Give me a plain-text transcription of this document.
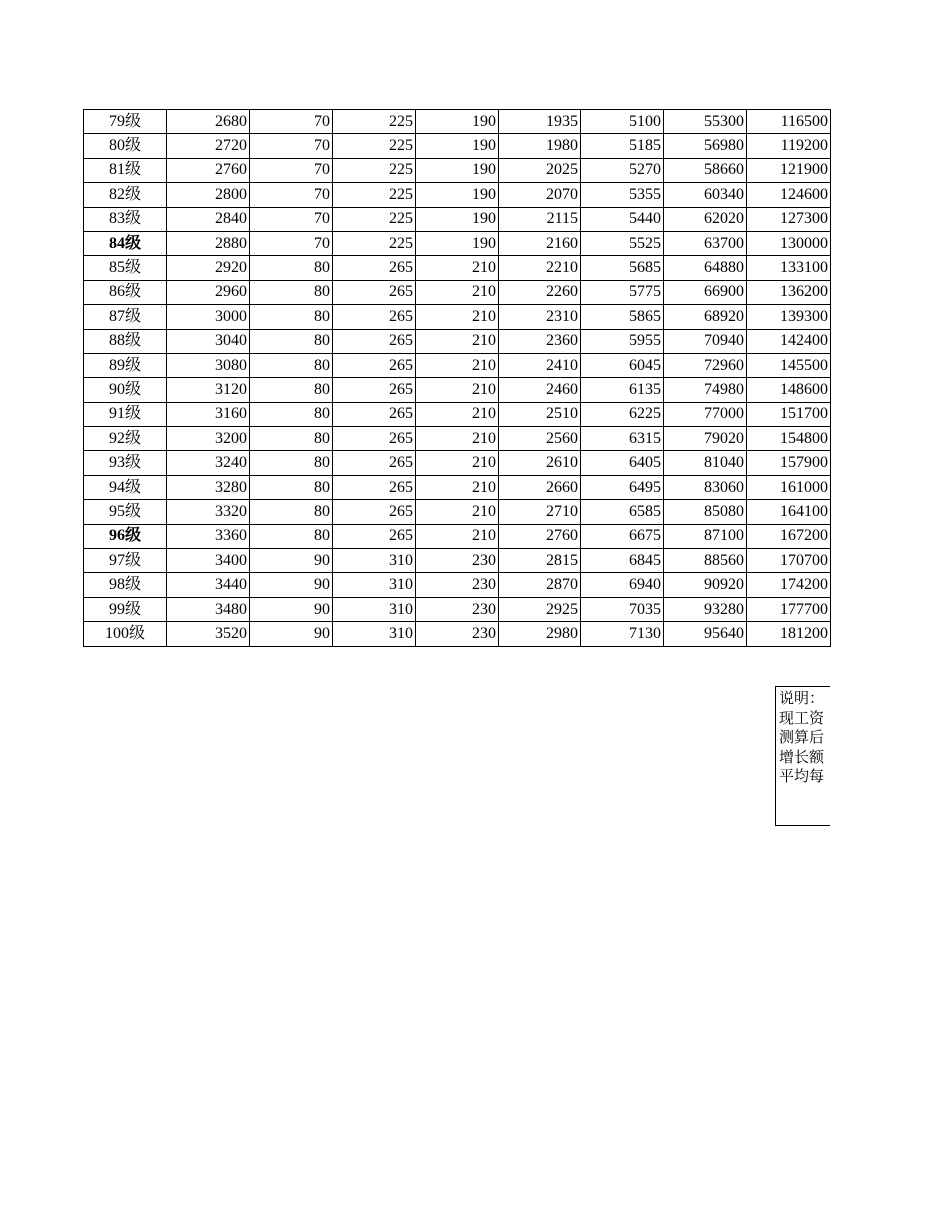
79级	2680	70	225	190	1935	5100	55300	116500
80级	2720	70	225	190	1980	5185	56980	119200
81级	2760	70	225	190	2025	5270	58660	121900
82级	2800	70	225	190	2070	5355	60340	124600
83级	2840	70	225	190	2115	5440	62020	127300
84级	2880	70	225	190	2160	5525	63700	130000
85级	2920	80	265	210	2210	5685	64880	133100
86级	2960	80	265	210	2260	5775	66900	136200
87级	3000	80	265	210	2310	5865	68920	139300
88级	3040	80	265	210	2360	5955	70940	142400
89级	3080	80	265	210	2410	6045	72960	145500
90级	3120	80	265	210	2460	6135	74980	148600
91级	3160	80	265	210	2510	6225	77000	151700
92级	3200	80	265	210	2560	6315	79020	154800
93级	3240	80	265	210	2610	6405	81040	157900
94级	3280	80	265	210	2660	6495	83060	161000
95级	3320	80	265	210	2710	6585	85080	164100
96级	3360	80	265	210	2760	6675	87100	167200
97级	3400	90	310	230	2815	6845	88560	170700
98级	3440	90	310	230	2870	6940	90920	174200
99级	3480	90	310	230	2925	7035	93280	177700
100级	3520	90	310	230	2980	7130	95640	181200
说明：
现工资
测算后
增长额
平均每
